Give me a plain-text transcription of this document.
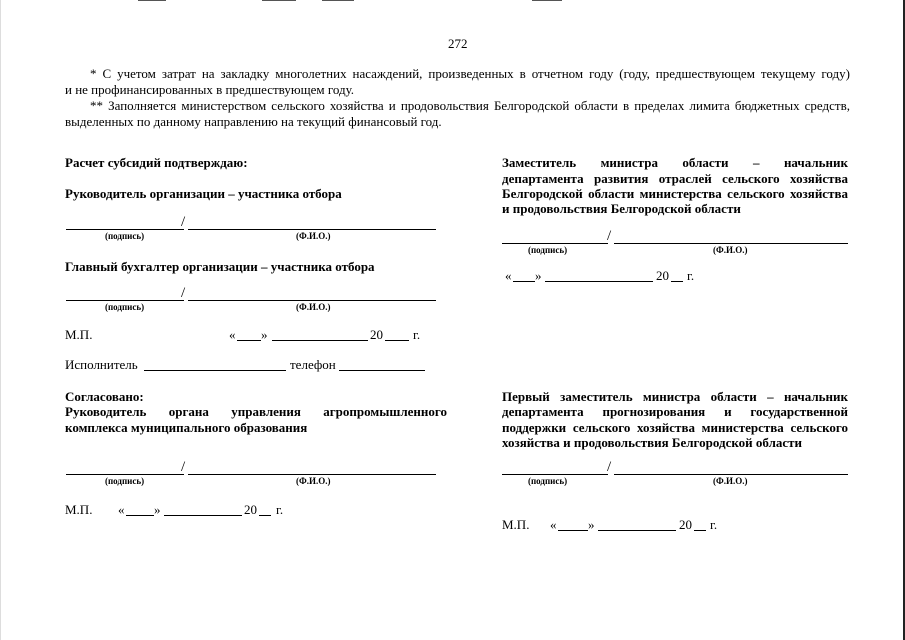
272
* С учетом затрат на закладку многолетних насаждений, произведенных в отчетном году (году, предшествующем текущему году)
и не профинансированных в предшествующем году.
** Заполняется министерством сельского хозяйства и продовольствия Белгородской области в пределах лимита бюджетных средств,
выделенных по данному направлению на текущий финансовый год.
Расчет субсидий подтверждаю:
Руководитель организации – участника отбора
/
(подпись)	(Ф.И.О.)
Главный бухгалтер организации – участника отбора
/
(подпись)	(Ф.И.О.)
М.П.	« »	20 г.
Исполнитель	телефон
Согласовано:
Руководитель органа управления агропромышленного
комплекса муниципального образования
/
(подпись)	(Ф.И.О.)
М.П. « »	20 г.
Заместитель министра области – начальник
департамента развития отраслей сельского хозяйства
Белгородской области министерства сельского хозяйства
и продовольствия Белгородской области
/
(подпись)	(Ф.И.О.)
« »	20 г.
Первый заместитель министра области – начальник
департамента прогнозирования и государственной
поддержки сельского хозяйства министерства сельского
хозяйства и продовольствия Белгородской области
/
(подпись)	(Ф.И.О.)
М.П. « »	20 г.
